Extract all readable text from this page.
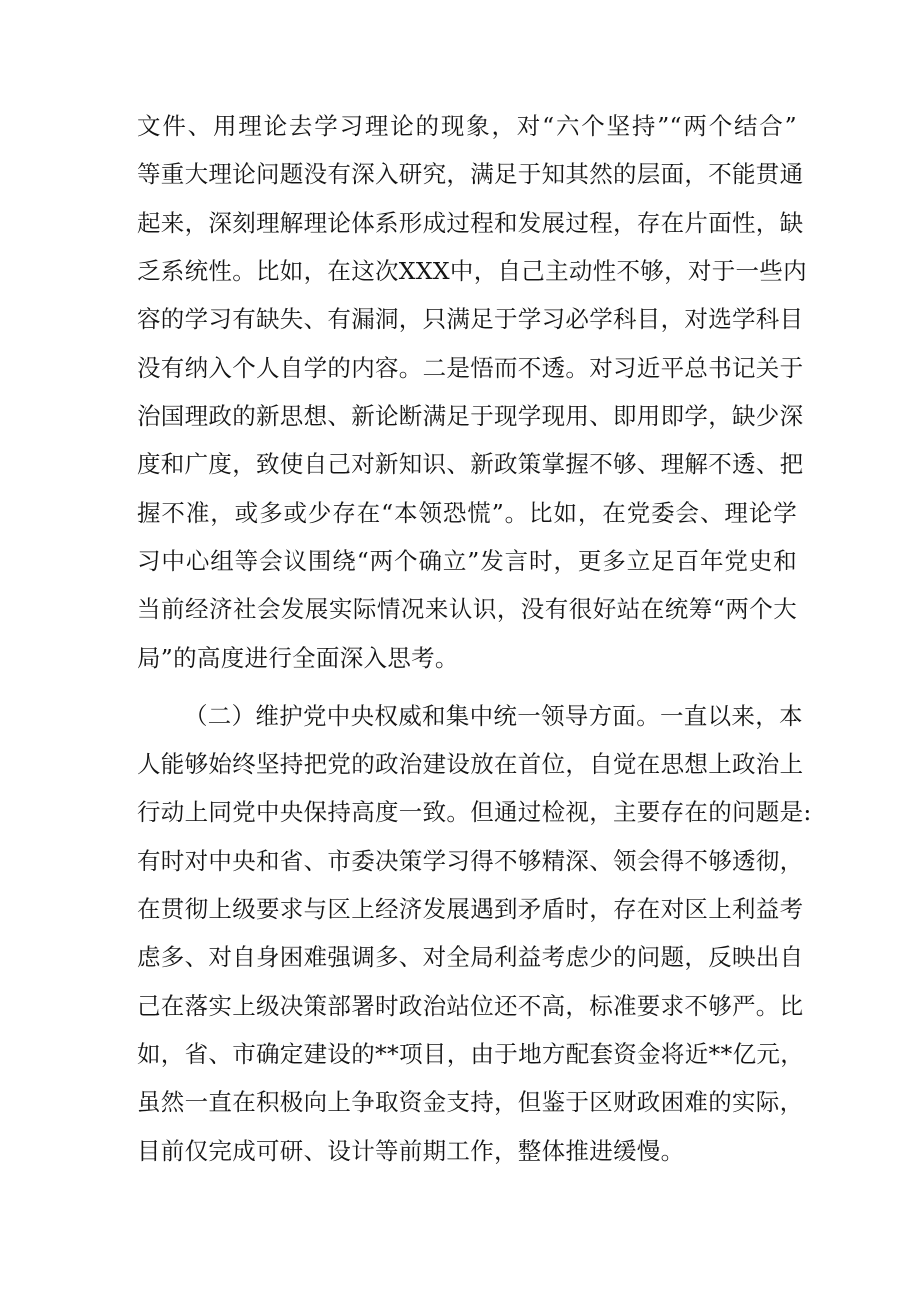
文件、用理论去学习理论的现象，对“六个坚持”“两个结合”
等重大理论问题没有深入研究，满足于知其然的层面，不能贯通
起来，深刻理解理论体系形成过程和发展过程，存在片面性，缺
乏系统性。比如，在这次XXX中，自己主动性不够，对于一些内
容的学习有缺失、有漏洞，只满足于学习必学科目，对选学科目
没有纳入个人自学的内容。二是悟而不透。对习近平总书记关于
治国理政的新思想、新论断满足于现学现用、即用即学，缺少深
度和广度，致使自己对新知识、新政策掌握不够、理解不透、把
握不准，或多或少存在“本领恐慌”。比如，在党委会、理论学
习中心组等会议围绕“两个确立”发言时，更多立足百年党史和
当前经济社会发展实际情况来认识，没有很好站在统筹“两个大
局”的高度进行全面深入思考。
（二）维护党中央权威和集中统一领导方面。一直以来，本
人能够始终坚持把党的政治建设放在首位，自觉在思想上政治上
行动上同党中央保持高度一致。但通过检视，主要存在的问题是:
有时对中央和省、市委决策学习得不够精深、领会得不够透彻，
在贯彻上级要求与区上经济发展遇到矛盾时，存在对区上利益考
虑多、对自身困难强调多、对全局利益考虑少的问题，反映出自
己在落实上级决策部署时政治站位还不高，标准要求不够严。比
如，省、市确定建设的**项目，由于地方配套资金将近**亿元，
虽然一直在积极向上争取资金支持，但鉴于区财政困难的实际，
目前仅完成可研、设计等前期工作，整体推进缓慢。
